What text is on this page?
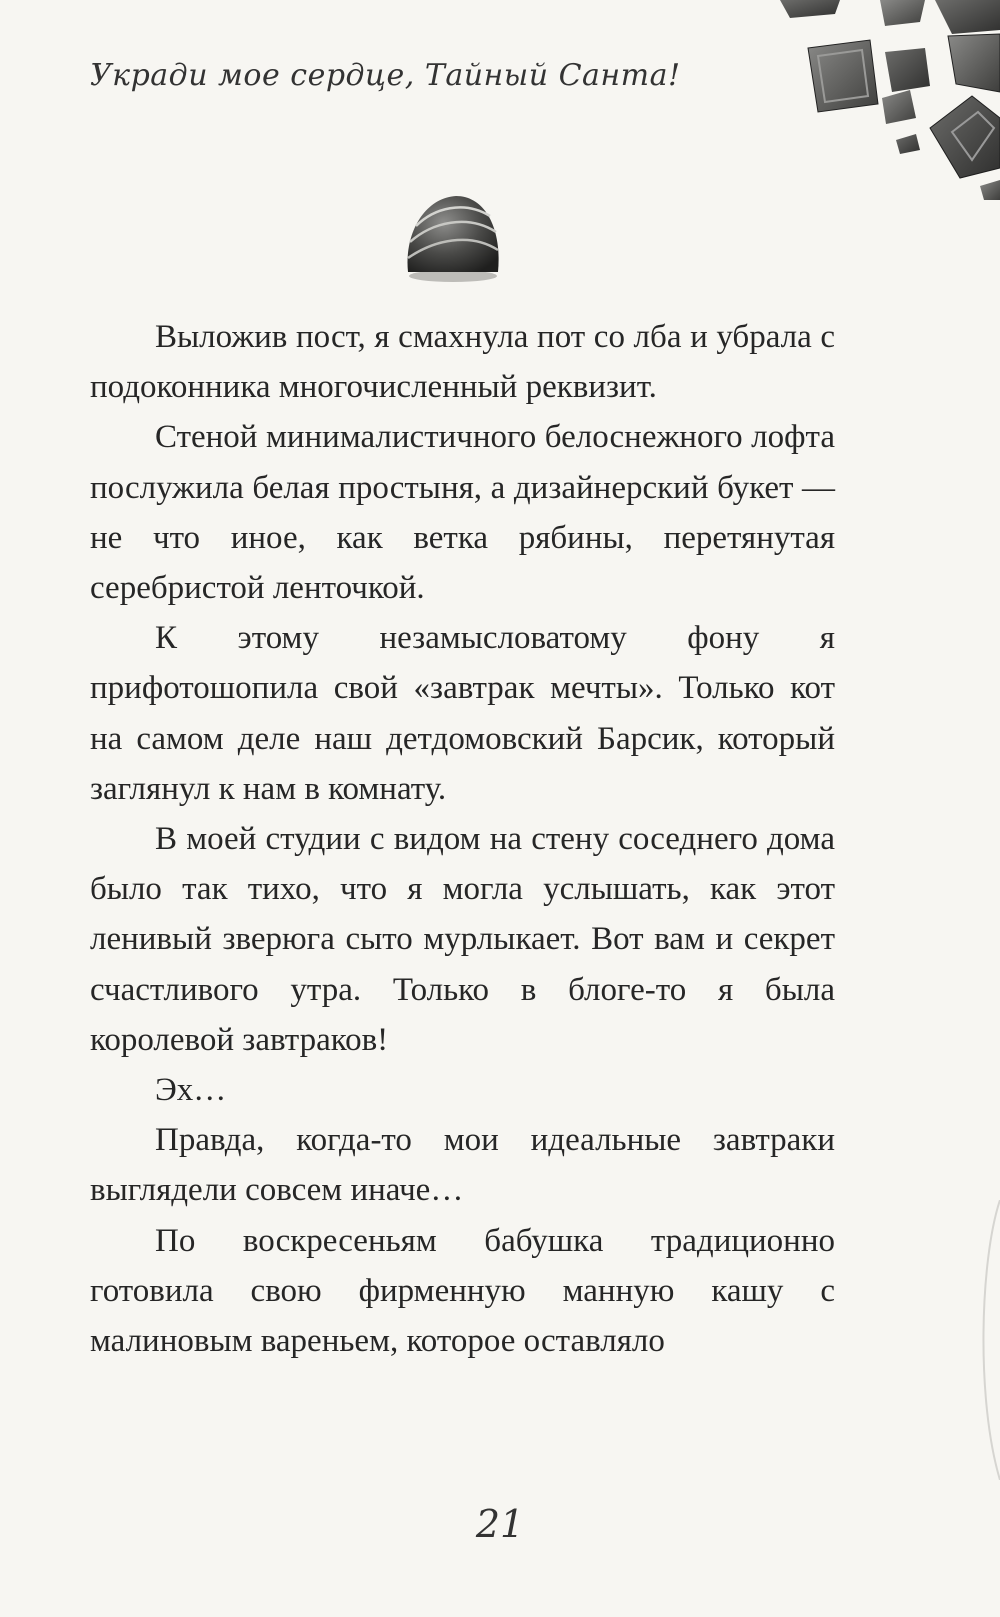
Укради мое сердце, Тайный Санта!

Выложив пост, я смахнула пот со лба и убрала с подоконника многочисленный реквизит.

Стеной минималистичного белоснежного лофта послужила белая простыня, а дизайнерский букет — не что иное, как ветка рябины, перетянутая серебристой ленточкой.

К этому незамысловатому фону я прифотошопила свой «завтрак мечты». Только кот на самом деле наш детдомовский Барсик, который заглянул к нам в комнату.

В моей студии с видом на стену соседнего дома было так тихо, что я могла услышать, как этот ленивый зверюга сыто мурлыкает. Вот вам и секрет счастливого утра. Только в блоге-то я была королевой завтраков!

Эх…

Правда, когда-то мои идеальные завтраки выглядели совсем иначе…

По воскресеньям бабушка традиционно готовила свою фирменную манную кашу с малиновым вареньем, которое оставляло

21
